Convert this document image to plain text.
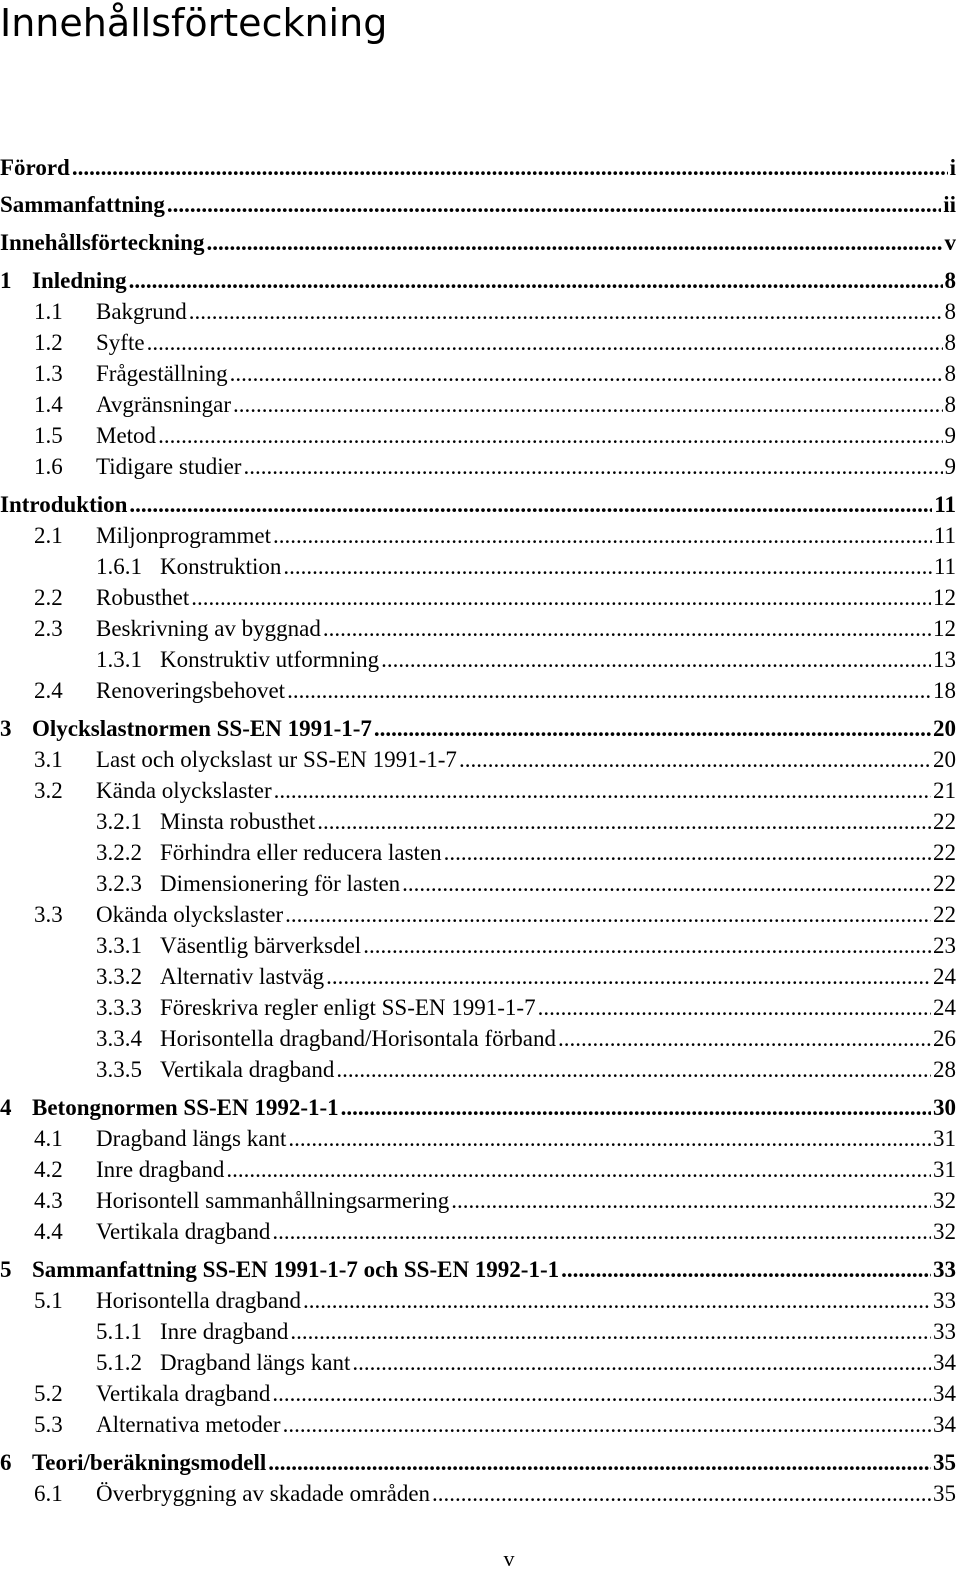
Innehållsförteckning
Förord .....	i
Sammanfattning .....	ii
Innehållsförteckning .....	v
1 Inledning .....	8
1.1 Bakgrund .....	8
1.2 Syfte .....	8
1.3 Frågeställning .....	8
1.4 Avgränsningar .....	8
1.5 Metod .....	9
1.6 Tidigare studier .....	9
Introduktion .....	11
2.1 Miljonprogrammet .....	11
1.6.1 Konstruktion .....	11
2.2 Robusthet .....	12
2.3 Beskrivning av byggnad .....	12
1.3.1 Konstruktiv utformning .....	13
2.4 Renoveringsbehovet .....	18
3 Olyckslastnormen SS-EN 1991-1-7 .....	20
3.1 Last och olyckslast ur SS-EN 1991-1-7 .....	20
3.2 Kända olyckslaster .....	21
3.2.1 Minsta robusthet .....	22
3.2.2 Förhindra eller reducera lasten .....	22
3.2.3 Dimensionering för lasten .....	22
3.3 Okända olyckslaster .....	22
3.3.1 Väsentlig bärverksdel .....	23
3.3.2 Alternativ lastväg .....	24
3.3.3 Föreskriva regler enligt SS-EN 1991-1-7 .....	24
3.3.4 Horisontella dragband/Horisontala förband .....	26
3.3.5 Vertikala dragband .....	28
4 Betongnormen SS-EN 1992-1-1 .....	30
4.1 Dragband längs kant .....	31
4.2 Inre dragband .....	31
4.3 Horisontell sammanhållningsarmering .....	32
4.4 Vertikala dragband .....	32
5 Sammanfattning SS-EN 1991-1-7 och SS-EN 1992-1-1 .....	33
5.1 Horisontella dragband .....	33
5.1.1 Inre dragband .....	33
5.1.2 Dragband längs kant .....	34
5.2 Vertikala dragband .....	34
5.3 Alternativa metoder .....	34
6 Teori/beräkningsmodell .....	35
6.1 Överbryggning av skadade områden .....	35
v
